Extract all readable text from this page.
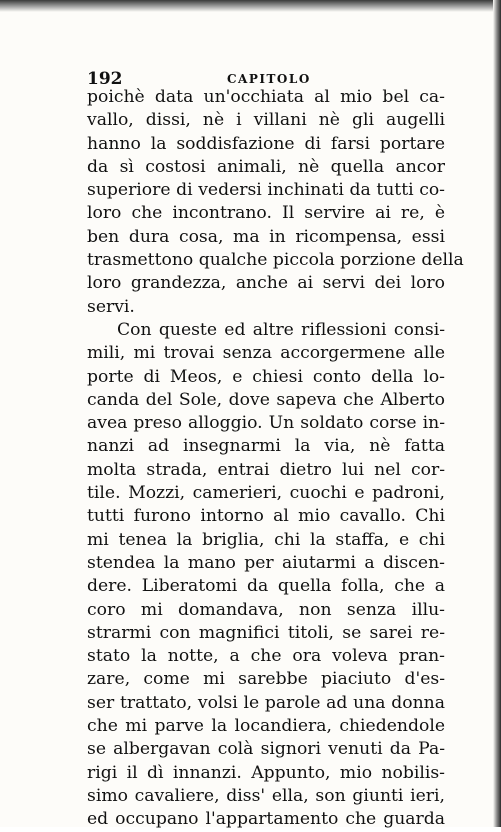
192	CAPITOLO
poichè data un'occhiata al mio bel ca-
vallo, dissi, nè i villani nè gli augelli
hanno la soddisfazione di farsi portare
da sì costosi animali, nè quella ancor
superiore di vedersi inchinati da tutti co-
loro che incontrano. Il servire ai re, è
ben dura cosa, ma in ricompensa, essi
trasmettono qualche piccola porzione della
loro grandezza, anche ai servi dei loro
servi.
Con queste ed altre riflessioni consi-
mili, mi trovai senza accorgermene alle
porte di Meos, e chiesi conto della lo-
canda del Sole, dove sapeva che Alberto
avea preso alloggio. Un soldato corse in-
nanzi ad insegnarmi la via, nè fatta
molta strada, entrai dietro lui nel cor-
tile. Mozzi, camerieri, cuochi e padroni,
tutti furono intorno al mio cavallo. Chi
mi tenea la briglia, chi la staffa, e chi
stendea la mano per aiutarmi a discen-
dere. Liberatomi da quella folla, che a
coro mi domandava, non senza illu-
strarmi con magnifici titoli, se sarei re-
stato la notte, a che ora voleva pran-
zare, come mi sarebbe piaciuto d'es-
ser trattato, volsi le parole ad una donna
che mi parve la locandiera, chiedendole
se albergavan colà signori venuti da Pa-
rigi il dì innanzi. Appunto, mio nobilis-
simo cavaliere, diss' ella, son giunti ieri,
ed occupano l'appartamento che guarda
